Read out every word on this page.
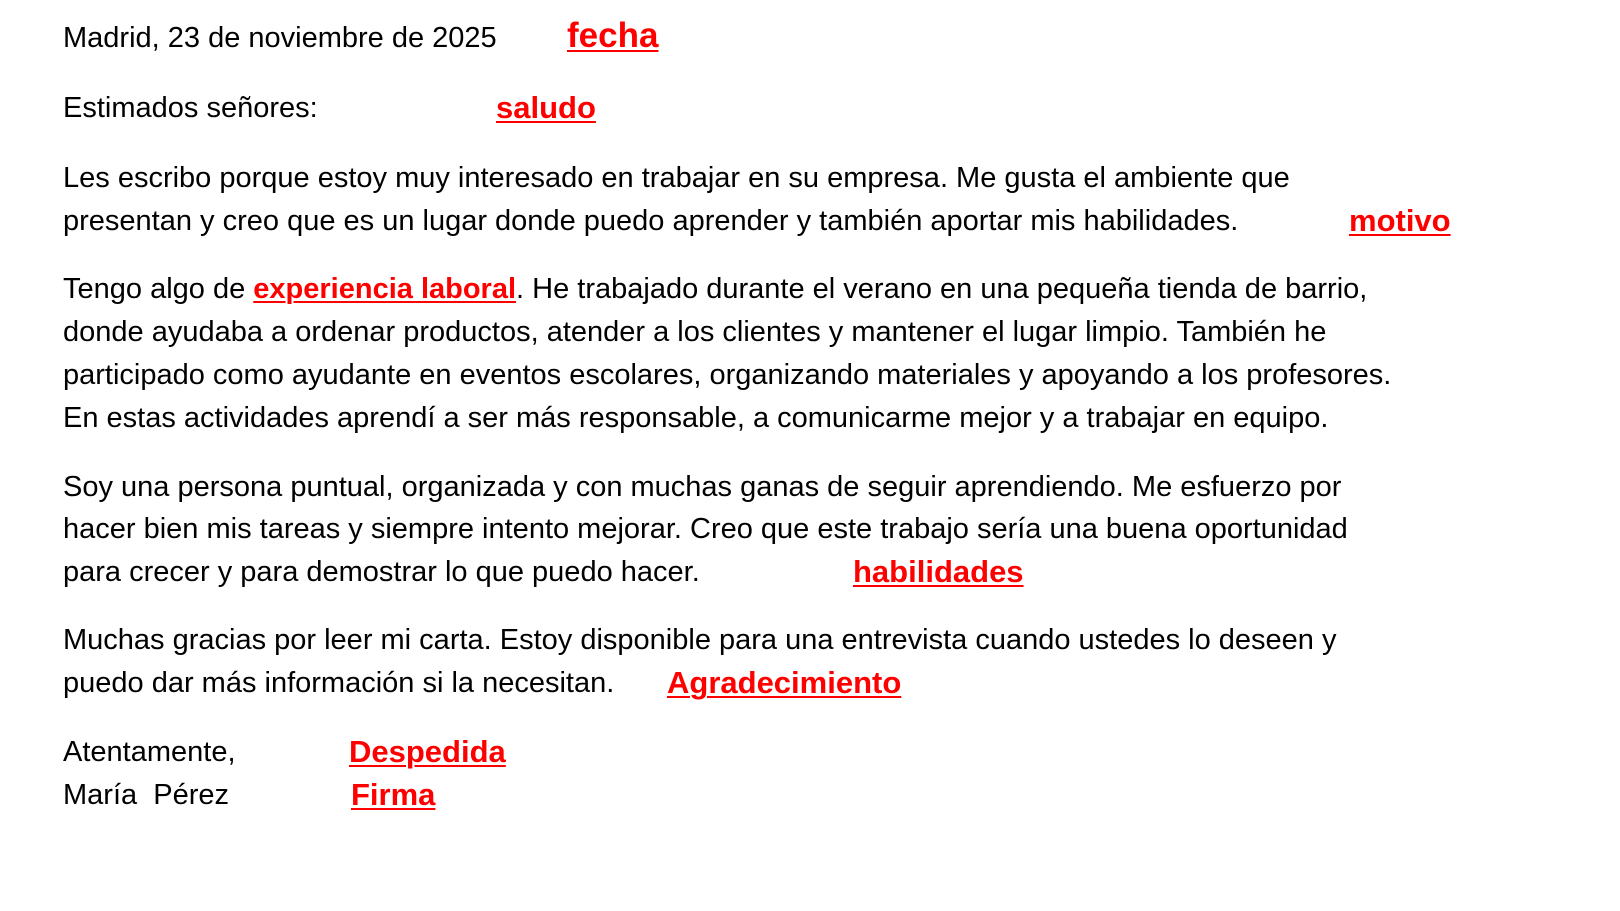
Madrid, 23 de noviembre de 2025 fecha
Estimados señores:	saludo
Les escribo porque estoy muy interesado en trabajar en su empresa. Me gusta el ambiente que
presentan y creo que es un lugar donde puedo aprender y también aportar mis habilidades.	motivo
Tengo algo de experiencia laboral. He trabajado durante el verano en una pequeña tienda de barrio,
donde ayudaba a ordenar productos, atender a los clientes y mantener el lugar limpio. También he
participado como ayudante en eventos escolares, organizando materiales y apoyando a los profesores.
En estas actividades aprendí a ser más responsable, a comunicarme mejor y a trabajar en equipo.
Soy una persona puntual, organizada y con muchas ganas de seguir aprendiendo. Me esfuerzo por
hacer bien mis tareas y siempre intento mejorar. Creo que este trabajo sería una buena oportunidad
para crecer y para demostrar lo que puedo hacer.	habilidades
Muchas gracias por leer mi carta. Estoy disponible para una entrevista cuando ustedes lo deseen y
puedo dar más información si la necesitan. Agradecimiento
Atentamente,	Despedida
María  Pérez	Firma
